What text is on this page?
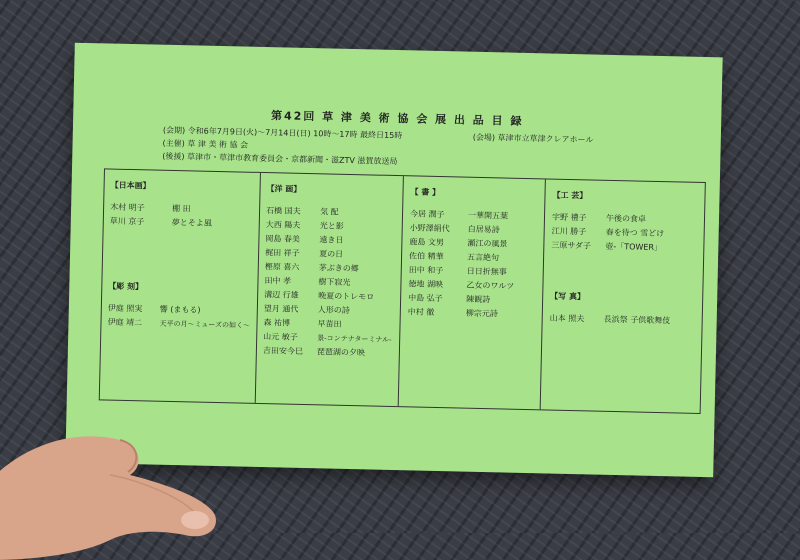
第42回 草 津 美 術 協 会 展 出 品 目 録
(会期) 令和6年7月9日(火)〜7月14日(日) 10時〜17時 最終日15時	(会場) 草津市立草津クレアホール
(主催) 草 津 美 術 協 会
(後援) 草津市・草津市教育委員会・京都新聞・滋ZTV 滋賀放送局
【日本画】
木村 明子	棚 田
草川 京子	夢とそよ風
【彫 刻】
伊庭 照実	響 (まもる)
伊庭 靖二	天平の月〜ミューズの如く〜
【洋 画】
石橋 国夫	気 配
大西 陽夫	光と影
岡島 春美	遠き日
梶田 祥子	夏の日
樫原 喜六	茅ぶきの郷
田中 孝	樹下寂光
溝辺 行雄	晩夏のトレモロ
望月 通代	人形の詩
森 祐博	早苗田
山元 敏子	景-コンテナターミナル-
吉田安今巳	琵琶湖の夕映
【 書 】
今居 潤子	一華開五葉
小野澤絹代	白居易詩
鹿島 文男	瀬江の風景
佐伯 精華	五言絶句
田中 和子	日日折無事
徳地 湖映	乙女のワルツ
中島 弘子	陳観詩
中村 徹	柳宗元詩
【工 芸】
宇野 禮子	午後の食卓
江川 勝子	春を待つ 雪どけ
三原サダ子	壺-「TOWER」
【写 真】
山本 照夫	長浜祭 子供歌舞伎
